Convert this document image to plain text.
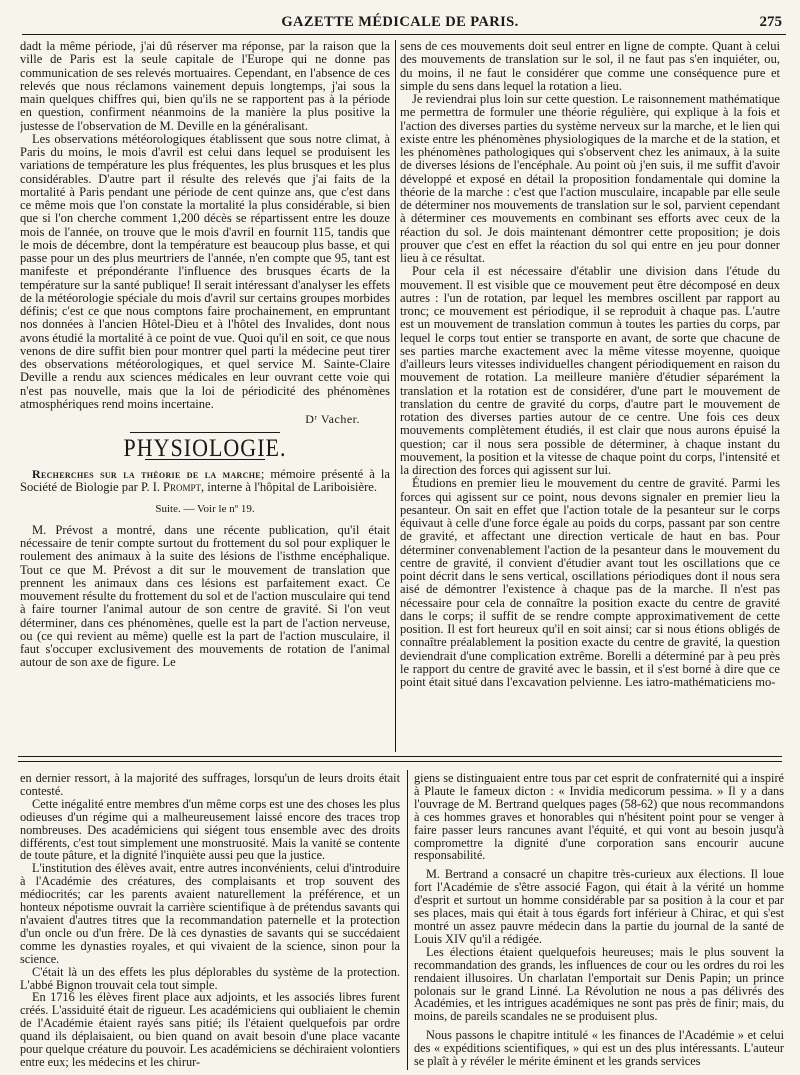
GAZETTE MÉDICALE DE PARIS.	275

dadt la même période, j'ai dû réserver ma réponse, par la raison que la ville de Paris est la seule capitale de l'Europe qui ne donne pas communication de ses relevés mortuaires. Cependant, en l'absence de ces relevés que nous réclamons vainement depuis longtemps, j'ai sous la main quelques chiffres qui, bien qu'ils ne se rapportent pas à la période en question, confirment néanmoins de la manière la plus positive la justesse de l'observation de M. Deville en la généralisant.

Les observations météorologiques établissent que sous notre climat, à Paris du moins, le mois d'avril est celui dans lequel se produisent les variations de température les plus fréquentes, les plus brusques et les plus considérables. D'autre part il résulte des relevés que j'ai faits de la mortalité à Paris pendant une période de cent quinze ans, que c'est dans ce même mois que l'on constate la mortalité la plus considérable, si bien que si l'on cherche comment 1,200 décès se répartissent entre les douze mois de l'année, on trouve que le mois d'avril en fournit 115, tandis que le mois de décembre, dont la température est beaucoup plus basse, et qui passe pour un des plus meurtriers de l'année, n'en compte que 95, tant est manifeste et prépondérante l'influence des brusques écarts de la température sur la santé publique! Il serait intéressant d'analyser les effets de la météorologie spéciale du mois d'avril sur certains groupes morbides définis; c'est ce que nous comptons faire prochainement, en empruntant nos données à l'ancien Hôtel-Dieu et à l'hôtel des Invalides, dont nous avons étudié la mortalité à ce point de vue. Quoi qu'il en soit, ce que nous venons de dire suffit bien pour montrer quel parti la médecine peut tirer des observations météorologiques, et quel service M. Sainte-Claire Deville a rendu aux sciences médicales en leur ouvrant cette voie qui n'est pas nouvelle, mais que la loi de périodicité des phénomènes atmosphériques rend moins incertaine.

Dʳ Vacher.
PHYSIOLOGIE.

Recherches sur la théorie de la marche; mémoire présenté à la Société de Biologie par P. I. Prompt, interne à l'hôpital de Lariboisière.

Suite. — Voir le nº 19.

M. Prévost a montré, dans une récente publication, qu'il était nécessaire de tenir compte surtout du frottement du sol pour expliquer le roulement des animaux à la suite des lésions de l'isthme encéphalique. Tout ce que M. Prévost a dit sur le mouvement de translation que prennent les animaux dans ces lésions est parfaitement exact. Ce mouvement résulte du frottement du sol et de l'action musculaire qui tend à faire tourner l'animal autour de son centre de gravité. Si l'on veut déterminer, dans ces phénomènes, quelle est la part de l'action nerveuse, ou (ce qui revient au même) quelle est la part de l'action musculaire, il faut s'occuper exclusivement des mouvements de rotation de l'animal autour de son axe de figure. Le

sens de ces mouvements doit seul entrer en ligne de compte. Quant à celui des mouvements de translation sur le sol, il ne faut pas s'en inquiéter, ou, du moins, il ne faut le considérer que comme une conséquence pure et simple du sens dans lequel la rotation a lieu.

Je reviendrai plus loin sur cette question. Le raisonnement mathématique me permettra de formuler une théorie régulière, qui explique à la fois et l'action des diverses parties du système nerveux sur la marche, et le lien qui existe entre les phénomènes physiologiques de la marche et de la station, et les phénomènes pathologiques qui s'observent chez les animaux, à la suite de diverses lésions de l'encéphale. Au point où j'en suis, il me suffit d'avoir développé et exposé en détail la proposition fondamentale qui domine la théorie de la marche : c'est que l'action musculaire, incapable par elle seule de déterminer nos mouvements de translation sur le sol, parvient cependant à déterminer ces mouvements en combinant ses efforts avec ceux de la réaction du sol. Je dois maintenant démontrer cette proposition; je dois prouver que c'est en effet la réaction du sol qui entre en jeu pour donner lieu à ce résultat.

Pour cela il est nécessaire d'établir une division dans l'étude du mouvement. Il est visible que ce mouvement peut être décomposé en deux autres : l'un de rotation, par lequel les membres oscillent par rapport au tronc; ce mouvement est périodique, il se reproduit à chaque pas. L'autre est un mouvement de translation commun à toutes les parties du corps, par lequel le corps tout entier se transporte en avant, de sorte que chacune de ses parties marche exactement avec la même vitesse moyenne, quoique d'ailleurs leurs vitesses individuelles changent périodiquement en raison du mouvement de rotation. La meilleure manière d'étudier séparément la translation et la rotation est de considérer, d'une part le mouvement de translation du centre de gravité du corps, d'autre part le mouvement de rotation des diverses parties autour de ce centre. Une fois ces deux mouvements complètement étudiés, il est clair que nous aurons épuisé la question; car il nous sera possible de déterminer, à chaque instant du mouvement, la position et la vitesse de chaque point du corps, l'intensité et la direction des forces qui agissent sur lui.

Étudions en premier lieu le mouvement du centre de gravité. Parmi les forces qui agissent sur ce point, nous devons signaler en premier lieu la pesanteur. On sait en effet que l'action totale de la pesanteur sur le corps équivaut à celle d'une force égale au poids du corps, passant par son centre de gravité, et affectant une direction verticale de haut en bas. Pour déterminer convenablement l'action de la pesanteur dans le mouvement du centre de gravité, il convient d'étudier avant tout les oscillations que ce point décrit dans le sens vertical, oscillations périodiques dont il nous sera aisé de démontrer l'existence à chaque pas de la marche. Il n'est pas nécessaire pour cela de connaître la position exacte du centre de gravité dans le corps; il suffit de se rendre compte approximativement de cette position. Il est fort heureux qu'il en soit ainsi; car si nous étions obligés de connaître préalablement la position exacte du centre de gravité, la question deviendrait d'une complication extrême. Borelli a déterminé par à peu près le rapport du centre de gravité avec le bassin, et il s'est borné à dire que ce point était situé dans l'excavation pelvienne. Les iatro-mathématiciens mo-

en dernier ressort, à la majorité des suffrages, lorsqu'un de leurs droits était contesté.

Cette inégalité entre membres d'un même corps est une des choses les plus odieuses d'un régime qui a malheureusement laissé encore des traces trop nombreuses. Des académiciens qui siégent tous ensemble avec des droits différents, c'est tout simplement une monstruosité. Mais la vanité se contente de toute pâture, et la dignité l'inquiète aussi peu que la justice.

L'institution des élèves avait, entre autres inconvénients, celui d'introduire à l'Académie des créatures, des complaisants et trop souvent des médiocrités; car les parents avaient naturellement la préférence, et un honteux népotisme ouvrait la carrière scientifique à de prétendus savants qui n'avaient d'autres titres que la recommandation paternelle et la protection d'un oncle ou d'un frère. De là ces dynasties de savants qui se succédaient comme les dynasties royales, et qui vivaient de la science, sinon pour la science.

C'était là un des effets les plus déplorables du système de la protection. L'abbé Bignon trouvait cela tout simple.

En 1716 les élèves firent place aux adjoints, et les associés libres furent créés. L'assiduité était de rigueur. Les académiciens qui oubliaient le chemin de l'Académie étaient rayés sans pitié; ils l'étaient quelquefois par ordre quand ils déplaisaient, ou bien quand on avait besoin d'une place vacante pour quelque créature du pouvoir. Les académiciens se déchiraient volontiers entre eux; les médecins et les chirur-

giens se distinguaient entre tous par cet esprit de confraternité qui a inspiré à Plaute le fameux dicton : « Invidia medicorum pessima. » Il y a dans l'ouvrage de M. Bertrand quelques pages (58-62) que nous recommandons à ces hommes graves et honorables qui n'hésitent point pour se venger à faire passer leurs rancunes avant l'équité, et qui vont au besoin jusqu'à compromettre la dignité d'une corporation sans encourir aucune responsabilité.

M. Bertrand a consacré un chapitre très-curieux aux élections. Il loue fort l'Académie de s'être associé Fagon, qui était à la vérité un homme d'esprit et surtout un homme considérable par sa position à la cour et par ses places, mais qui était à tous égards fort inférieur à Chirac, et qui s'est montré un assez pauvre médecin dans la partie du journal de la santé de Louis XIV qu'il a rédigée.

Les élections étaient quelquefois heureuses; mais le plus souvent la recommandation des grands, les influences de cour ou les ordres du roi les rendaient illusoires. Un charlatan l'emportait sur Denis Papin; un prince polonais sur le grand Linné. La Révolution ne nous a pas délivrés des Académies, et les intrigues académiques ne sont pas près de finir; mais, du moins, de pareils scandales ne se produisent plus.

Nous passons le chapitre intitulé « les finances de l'Académie » et celui des « expéditions scientifiques, » qui est un des plus intéressants. L'auteur se plaît à y révéler le mérite éminent et les grands services
